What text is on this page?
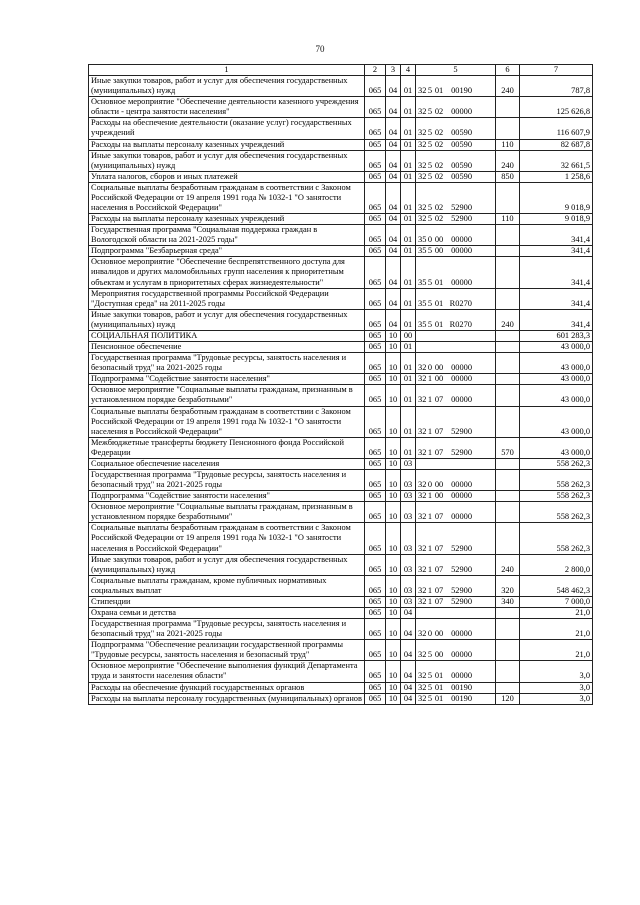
70
1	2	3	4	5	6	7
Иные закупки товаров, работ и услуг для обеспечения государственных (муниципальных) нужд	065	04	01	32 5 01 00190	240	787,8
Основное мероприятие "Обеспечение деятельности казенного учреждения области - центра занятости населения"	065	04	01	32 5 02 00000		125 626,8
Расходы на обеспечение деятельности (оказание услуг) государственных учреждений	065	04	01	32 5 02 00590		116 607,9
Расходы на выплаты персоналу казенных учреждений	065	04	01	32 5 02 00590	110	82 687,8
Иные закупки товаров, работ и услуг для обеспечения государственных (муниципальных) нужд	065	04	01	32 5 02 00590	240	32 661,5
Уплата налогов, сборов и иных платежей	065	04	01	32 5 02 00590	850	1 258,6
Социальные выплаты безработным гражданам в соответствии с Законом Российской Федерации от 19 апреля 1991 года № 1032-1 "О занятости населения в Российской Федерации"	065	04	01	32 5 02 52900		9 018,9
Расходы на выплаты персоналу казенных учреждений	065	04	01	32 5 02 52900	110	9 018,9
Государственная программа "Социальная поддержка граждан в Вологодской области на 2021-2025 годы"	065	04	01	35 0 00 00000		341,4
Подпрограмма "Безбарьерная среда"	065	04	01	35 5 00 00000		341,4
Основное мероприятие "Обеспечение беспрепятственного доступа для инвалидов и других маломобильных групп населения к приоритетным объектам и услугам в приоритетных сферах жизнедеятельности"	065	04	01	35 5 01 00000		341,4
Мероприятия государственной программы Российской Федерации "Доступная среда" на 2011-2025 годы	065	04	01	35 5 01 R0270		341,4
Иные закупки товаров, работ и услуг для обеспечения государственных (муниципальных) нужд	065	04	01	35 5 01 R0270	240	341,4
СОЦИАЛЬНАЯ ПОЛИТИКА	065	10	00			601 283,3
Пенсионное обеспечение	065	10	01			43 000,0
Государственная программа "Трудовые ресурсы, занятость населения и безопасный труд" на 2021-2025 годы	065	10	01	32 0 00 00000		43 000,0
Подпрограмма "Содействие занятости населения"	065	10	01	32 1 00 00000		43 000,0
Основное мероприятие "Социальные выплаты гражданам, признанным в установленном порядке безработными"	065	10	01	32 1 07 00000		43 000,0
Социальные выплаты безработным гражданам в соответствии с Законом Российской Федерации от 19 апреля 1991 года № 1032-1 "О занятости населения в Российской Федерации"	065	10	01	32 1 07 52900		43 000,0
Межбюджетные трансферты бюджету Пенсионного фонда Российской Федерации	065	10	01	32 1 07 52900	570	43 000,0
Социальное обеспечение населения	065	10	03			558 262,3
Государственная программа "Трудовые ресурсы, занятость населения и безопасный труд" на 2021-2025 годы	065	10	03	32 0 00 00000		558 262,3
Подпрограмма "Содействие занятости населения"	065	10	03	32 1 00 00000		558 262,3
Основное мероприятие "Социальные выплаты гражданам, признанным в установленном порядке безработными"	065	10	03	32 1 07 00000		558 262,3
Социальные выплаты безработным гражданам в соответствии с Законом Российской Федерации от 19 апреля 1991 года № 1032-1 "О занятости населения в Российской Федерации"	065	10	03	32 1 07 52900		558 262,3
Иные закупки товаров, работ и услуг для обеспечения государственных (муниципальных) нужд	065	10	03	32 1 07 52900	240	2 800,0
Социальные выплаты гражданам, кроме публичных нормативных социальных выплат	065	10	03	32 1 07 52900	320	548 462,3
Стипендии	065	10	03	32 1 07 52900	340	7 000,0
Охрана семьи и детства	065	10	04			21,0
Государственная программа "Трудовые ресурсы, занятость населения и безопасный труд" на 2021-2025 годы	065	10	04	32 0 00 00000		21,0
Подпрограмма "Обеспечение реализации государственной программы "Трудовые ресурсы, занятость населения и безопасный труд"	065	10	04	32 5 00 00000		21,0
Основное мероприятие "Обеспечение выполнения функций Департамента труда и занятости населения области"	065	10	04	32 5 01 00000		3,0
Расходы на обеспечение функций государственных органов	065	10	04	32 5 01 00190		3,0
Расходы на выплаты персоналу государственных (муниципальных) органов	065	10	04	32 5 01 00190	120	3,0
